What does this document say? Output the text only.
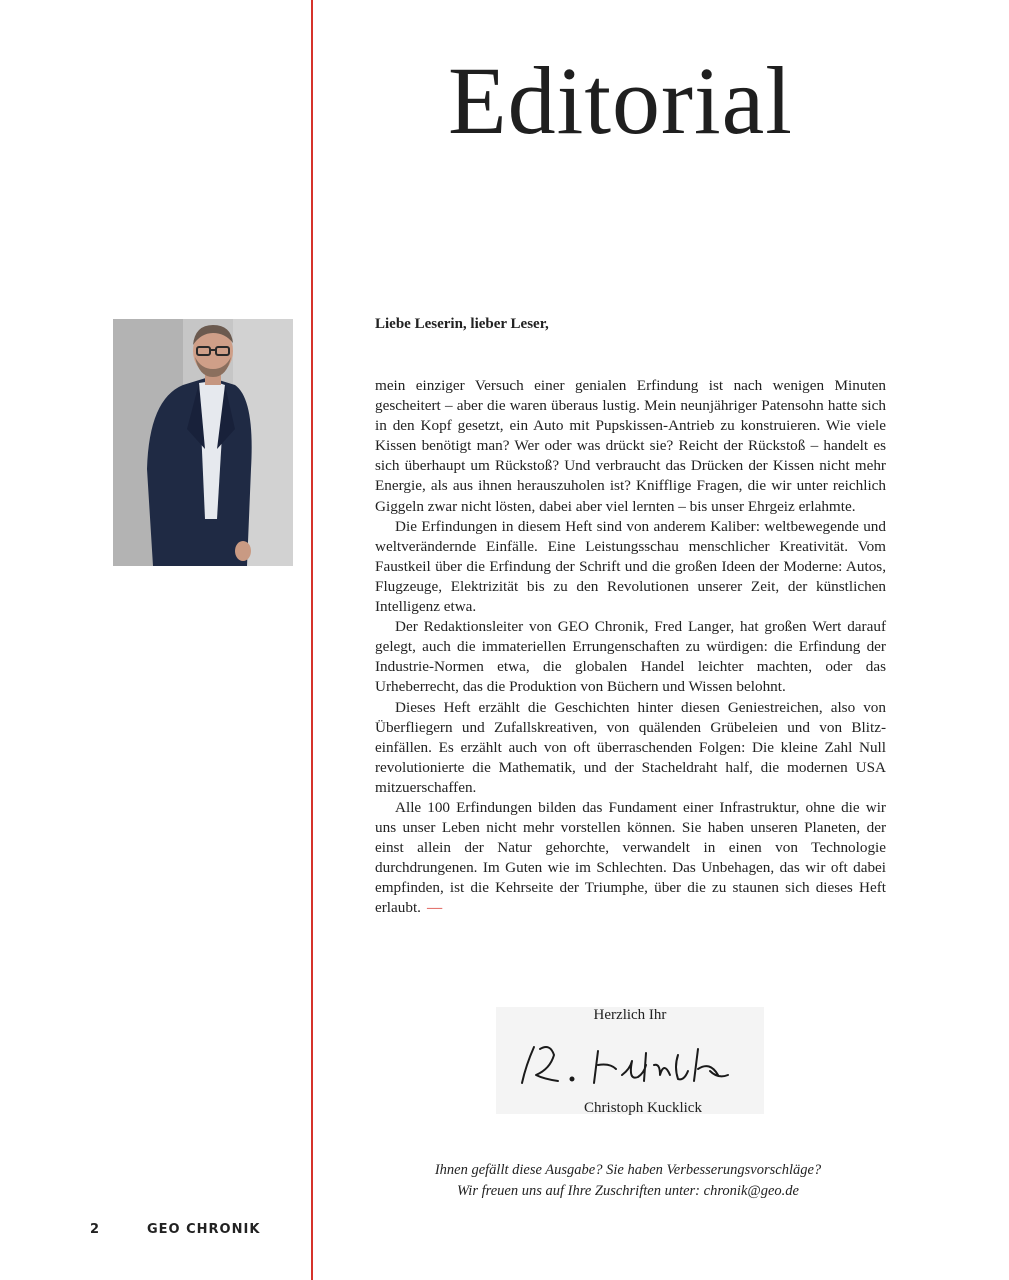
Editorial

Liebe Leserin, lieber Leser,

mein einziger Versuch einer genialen Erfindung ist nach wenigen Minuten gescheitert – aber die waren überaus lustig. Mein neunjähriger Patensohn hatte sich in den Kopf gesetzt, ein Auto mit Pupskissen-Antrieb zu konstruieren. Wie viele Kissen benötigt man? Wer oder was drückt sie? Reicht der Rückstoß – handelt es sich überhaupt um Rückstoß? Und verbraucht das Drücken der Kissen nicht mehr Energie, als aus ihnen herauszuholen ist? Knifflige Fragen, die wir unter reichlich Giggeln zwar nicht lösten, dabei aber viel lernten – bis unser Ehrgeiz erlahmte.

Die Erfindungen in diesem Heft sind von anderem Kaliber: weltbewegende und weltverändernde Einfälle. Eine Leistungsschau menschlicher Kreativität. Vom Faustkeil über die Erfindung der Schrift und die großen Ideen der Moderne: Autos, Flugzeuge, Elektrizität bis zu den Revolutionen unserer Zeit, der künstlichen Intelligenz etwa.

Der Redaktionsleiter von GEO Chronik, Fred Langer, hat großen Wert darauf gelegt, auch die immateriellen Errungenschaften zu würdigen: die Erfindung der Industrie-Normen etwa, die globalen Handel leichter machten, oder das Urheberrecht, das die Produktion von Büchern und Wissen belohnt.

Dieses Heft erzählt die Geschichten hinter diesen Geniestreichen, also von Überfliegern und Zufallskreativen, von quälenden Grübeleien und von Blitzeinfällen. Es erzählt auch von oft überraschenden Folgen: Die kleine Zahl Null revolutionierte die Mathematik, und der Stacheldraht half, die modernen USA mitzuerschaffen.

Alle 100 Erfindungen bilden das Fundament einer Infrastruktur, ohne die wir uns unser Leben nicht mehr vorstellen können. Sie haben unseren Planeten, der einst allein der Natur gehorchte, verwandelt in einen von Technologie durchdrungenen. Im Guten wie im Schlechten. Das Unbehagen, das wir oft dabei empfinden, ist die Kehrseite der Triumphe, über die zu staunen sich dieses Heft erlaubt. —

Herzlich Ihr
Christoph Kucklick
Ihnen gefällt diese Ausgabe? Sie haben Verbesserungsvorschläge?
Wir freuen uns auf Ihre Zuschriften unter: chronik@geo.de
2	GEO CHRONIK
